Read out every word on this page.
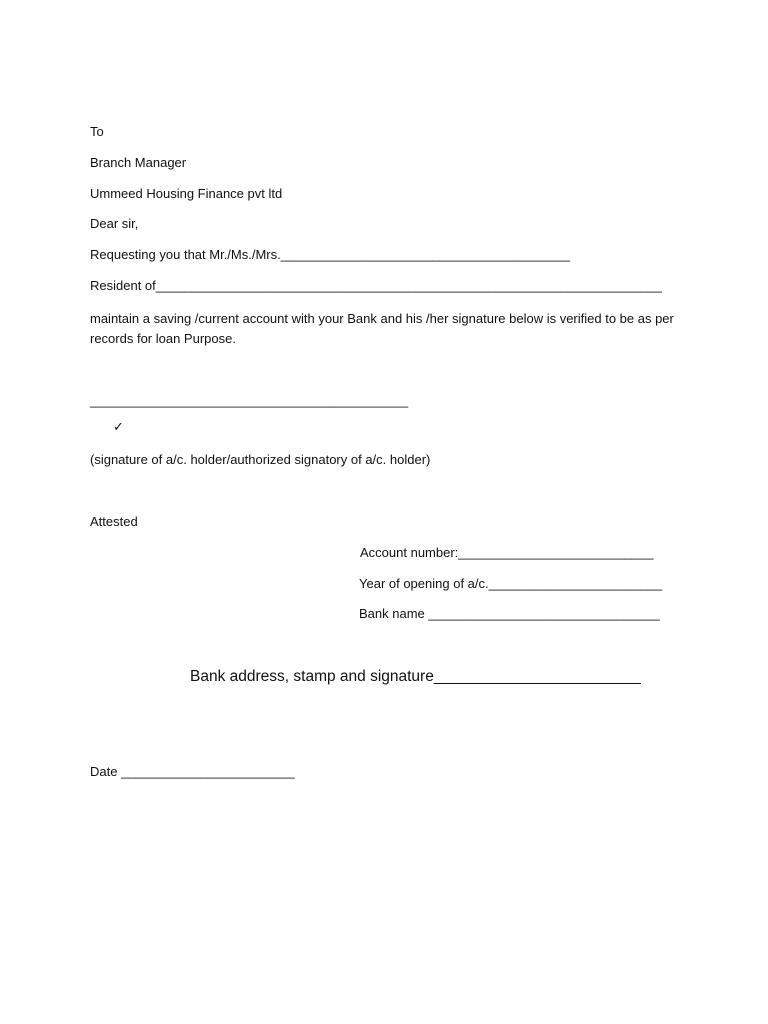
To
Branch Manager
Ummeed Housing Finance pvt ltd
Dear sir,
Requesting you that Mr./Ms./Mrs.________________________________________
Resident of______________________________________________________________________
maintain a saving /current account with your Bank and his /her signature below is verified to be as per records for loan Purpose.
____________________________________________
✓
(signature of a/c. holder/authorized signatory of a/c. holder)
Attested
Account number:___________________________
Year of opening of a/c.________________________
Bank name ________________________________
Bank address, stamp and signature________________________
Date ________________________
